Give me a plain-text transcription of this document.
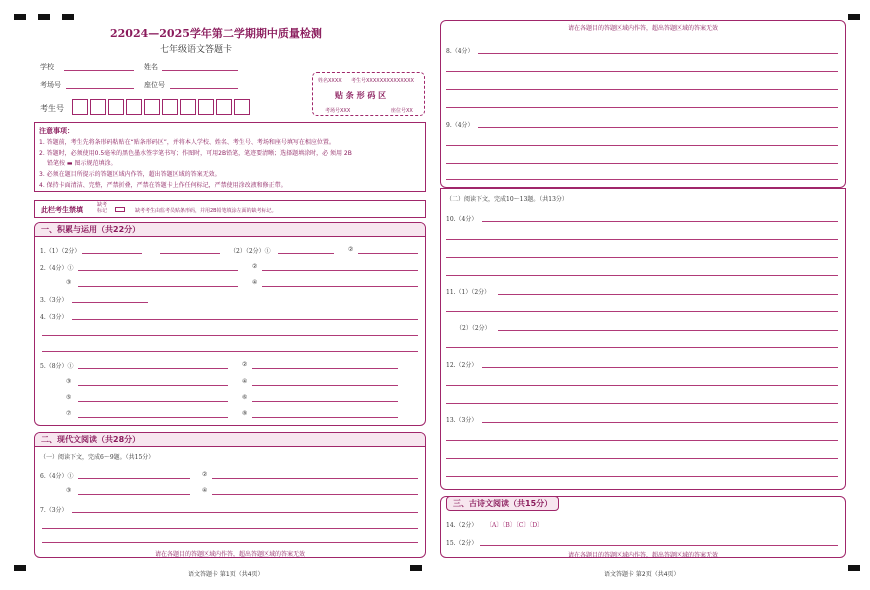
22024—2025学年第二学期期中质量检测
七年级语文答题卡
学校	姓名
考场号	座位号
考生号
姓名XXXX 考生号XXXXXXXXXXXXXX
贴 条 形 码 区
考场号XXX	座位号XX
注意事项：
1. 答题前，考生先将条形码粘贴在“贴条形码区”，并将本人学校、姓名、考生号、考场和座号填写在相应位置。
2. 答题时，必须使用0.5毫米的黑色墨水签字笔书写；作图时，可用2B铅笔，笔迹要清晰；选择题填涂时，必 须用 2B
铅笔按 ▬ 图示规范填涂。
3. 必须在题目所提示的答题区域内作答，超出答题区域的答案无效。
4. 保持卡面清洁、完整，严禁折叠，严禁在答题卡上作任何标记，严禁使用涂改液和修正带。
此栏考生禁填
缺考
标记	缺考考生由监考员贴条形码，并用2B铅笔填涂左面的缺考标记。
一、积累与运用（共22分）
1.（1）（2分）	（2）（2分）①	②
2.（4分）①	②
③	④
3.（3分）
4.（3分）
5.（8分）①	②
③	④
⑤	⑥
⑦	⑧
二、现代文阅读（共28分）
（一）阅读下文，完成6～9题。（共15分）
6.（4分）①	②
③	④
7.（3分）
请在各题目的答题区域内作答，超出答题区域的答案无效
语文答题卡 第1页（共4页）
请在各题目的答题区域内作答，超出答题区域的答案无效
8.（4分）
9.（4分）
（二）阅读下文，完成10～13题。（共13分）
10.（4分）
11.（1）（2分）
（2）（2分）
12.（2分）
13.（3分）
三、古诗文阅读（共15分）
14.（2分） 〔A〕〔B〕〔C〕〔D〕
15.（2分）
请在各题目的答题区域内作答，超出答题区域的答案无效
语文答题卡 第2页（共4页）
